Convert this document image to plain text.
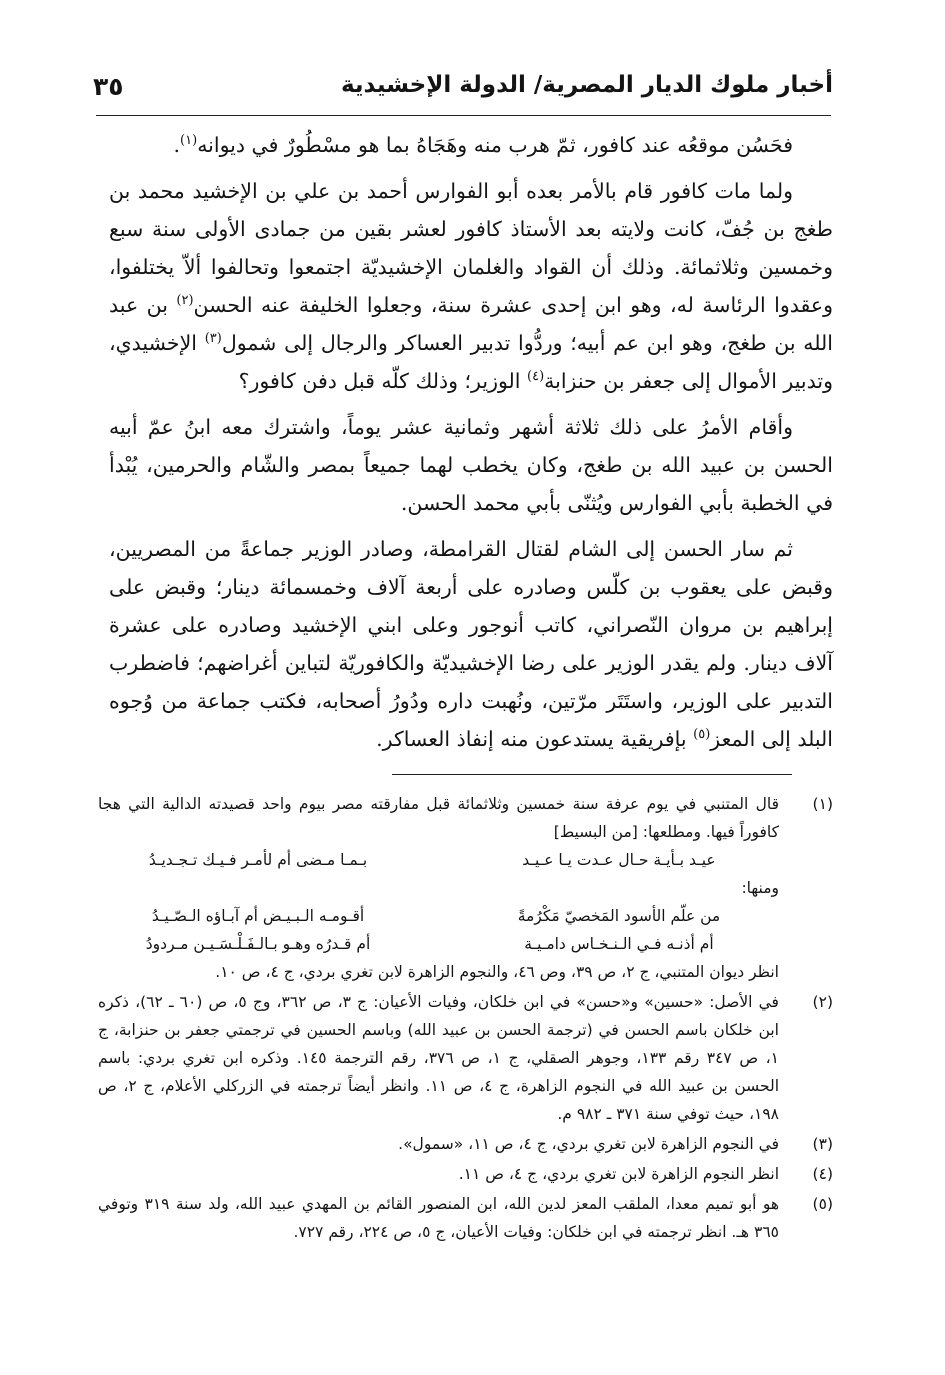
أخبار ملوك الديار المصرية/ الدولة الإخشيدية
٣٥

فحَسُن موقعُه عند كافور، ثمّ هرب منه وهَجَاهُ بما هو مسْطُورٌ في ديوانه$^{(١)}$.

ولما مات كافور قام بالأمر بعده أبو الفوارس أحمد بن علي بن الإخشيد محمد بن طغج بن جُفّ، كانت ولايته بعد الأستاذ كافور لعشر بقين من جمادى الأولى سنة سبع وخمسين وثلاثمائة. وذلك أن القواد والغلمان الإخشيديّة اجتمعوا وتحالفوا ألاّ يختلفوا، وعقدوا الرئاسة له، وهو ابن إحدى عشرة سنة، وجعلوا الخليفة عنه الحسن$^{(٢)}$ بن عبد الله بن طغج، وهو ابن عم أبيه؛ وردُّوا تدبير العساكر والرجال إلى شمول$^{(٣)}$ الإخشيدي، وتدبير الأموال إلى جعفر بن حنزابة$^{(٤)}$ الوزير؛ وذلك كلّه قبل دفن كافور؟

وأقام الأمرُ على ذلك ثلاثة أشهر وثمانية عشر يوماً، واشترك معه ابنُ عمّ أبيه الحسن بن عبيد الله بن طغج، وكان يخطب لهما جميعاً بمصر والشّام والحرمين، يُبْدأ في الخطبة بأبي الفوارس ويُثنّى بأبي محمد الحسن.

ثم سار الحسن إلى الشام لقتال القرامطة، وصادر الوزير جماعةً من المصريين، وقبض على يعقوب بن كلّس وصادره على أربعة آلاف وخمسمائة دينار؛ وقبض على إبراهيم بن مروان النّصراني، كاتب أنوجور وعلى ابني الإخشيد وصادره على عشرة آلاف دينار. ولم يقدر الوزير على رضا الإخشيديّة والكافوريّة لتباين أغراضهم؛ فاضطرب التدبير على الوزير، واستَتَر مرّتين، ونُهبت داره ودُورُ أصحابه، فكتب جماعة من وُجوه البلد إلى المعز$^{(٥)}$ بإفريقية يستدعون منه إنفاذ العساكر.

(١)
قال المتنبي في يوم عرفة سنة خمسين وثلاثمائة قبل مفارقته مصر بيوم واحد قصيدته الدالية التي هجا كافوراً فيها. ومطلعها: [من البسيط]
عيـد بـأيـة حـال عـدت يـا عـيـد
بـمـا مـضى أم لأمـر فـيـك تـجـديـدُ
ومنها:
من علّم الأسود المَخصيّ مَكْرُمةً
أقـومـه الـبـيـض أم آبـاؤه الـصّـيـدُ
أم أذنـه فـي الـنـخـاس دامـيـة
أم قـدرُه وهـو بـالـفَـلْـسَـيـن مـردودُ
انظر ديوان المتنبي، ج ٢، ص ٣٩، وص ٤٦، والنجوم الزاهرة لابن تغري بردي، ج ٤، ص ١٠.
(٢)
في الأصل: «حسين» و«حسن» في ابن خلكان، وفيات الأعيان: ج ٣، ص ٣٦٢، وج ٥، ص (٦٠ ـ ٦٢)، ذكره ابن خلكان باسم الحسن في (ترجمة الحسن بن عبيد الله) وباسم الحسين في ترجمتي جعفر بن حنزابة، ج ١، ص ٣٤٧ رقم ١٣٣، وجوهر الصقلي، ج ١، ص ٣٧٦، رقم الترجمة ١٤٥. وذكره ابن تغري بردي: باسم الحسن بن عبيد الله في النجوم الزاهرة، ج ٤، ص ١١. وانظر أيضاً ترجمته في الزركلي الأعلام، ج ٢، ص ١٩٨، حيث توفي سنة ٣٧١ ـ ٩٨٢ م.
(٣)
في النجوم الزاهرة لابن تغري بردي، ج ٤، ص ١١، «سمول».
(٤)
انظر النجوم الزاهرة لابن تغري بردي، ج ٤، ص ١١.
(٥)
هو أبو تميم معدا، الملقب المعز لدين الله، ابن المنصور القائم بن المهدي عبيد الله، ولد سنة ٣١٩ وتوفي ٣٦٥ هـ. انظر ترجمته في ابن خلكان: وفيات الأعيان، ج ٥، ص ٢٢٤، رقم ٧٢٧.
